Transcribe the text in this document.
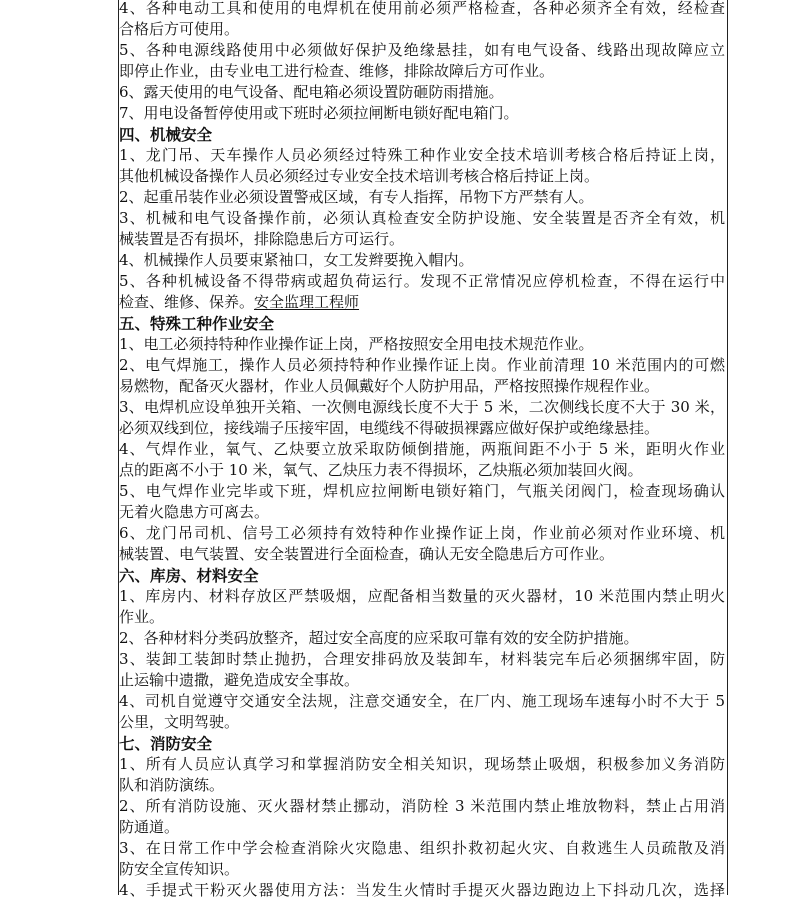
4、各种电动工具和使用的电焊机在使用前必须严格检查，各种必须齐全有效，经检查
合格后方可使用。
5、各种电源线路使用中必须做好保护及绝缘悬挂，如有电气设备、线路出现故障应立
即停止作业，由专业电工进行检查、维修，排除故障后方可作业。
6、露天使用的电气设备、配电箱必须设置防砸防雨措施。
7、用电设备暂停使用或下班时必须拉闸断电锁好配电箱门。
四、机械安全
1、龙门吊、天车操作人员必须经过特殊工种作业安全技术培训考核合格后持证上岗，
其他机械设备操作人员必须经过专业安全技术培训考核合格后持证上岗。
2、起重吊装作业必须设置警戒区域，有专人指挥，吊物下方严禁有人。
3、机械和电气设备操作前，必须认真检查安全防护设施、安全装置是否齐全有效，机
械装置是否有损坏，排除隐患后方可运行。
4、机械操作人员要束紧袖口，女工发辫要挽入帽内。
5、各种机械设备不得带病或超负荷运行。发现不正常情况应停机检查，不得在运行中
检查、维修、保养。安全监理工程师
五、特殊工种作业安全
1、电工必须持特种作业操作证上岗，严格按照安全用电技术规范作业。
2、电气焊施工，操作人员必须持特种作业操作证上岗。作业前清理 10 米范围内的可燃
易燃物，配备灭火器材，作业人员佩戴好个人防护用品，严格按照操作规程作业。
3、电焊机应设单独开关箱、一次侧电源线长度不大于 5 米，二次侧线长度不大于 30 米，
必须双线到位，接线端子压接牢固，电缆线不得破损裸露应做好保护或绝缘悬挂。
4、气焊作业，氧气、乙炔要立放采取防倾倒措施，两瓶间距不小于 5 米，距明火作业
点的距离不小于 10 米，氧气、乙炔压力表不得损坏，乙炔瓶必须加装回火阀。
5、电气焊作业完毕或下班，焊机应拉闸断电锁好箱门，气瓶关闭阀门，检查现场确认
无着火隐患方可离去。
6、龙门吊司机、信号工必须持有效特种作业操作证上岗，作业前必须对作业环境、机
械装置、电气装置、安全装置进行全面检查，确认无安全隐患后方可作业。
六、库房、材料安全
1、库房内、材料存放区严禁吸烟，应配备相当数量的灭火器材，10 米范围内禁止明火
作业。
2、各种材料分类码放整齐，超过安全高度的应采取可靠有效的安全防护措施。
3、装卸工装卸时禁止抛扔，合理安排码放及装卸车，材料装完车后必须捆绑牢固，防
止运输中遗撒，避免造成安全事故。
4、司机自觉遵守交通安全法规，注意交通安全，在厂内、施工现场车速每小时不大于 5
公里，文明驾驶。
七、消防安全
1、所有人员应认真学习和掌握消防安全相关知识，现场禁止吸烟，积极参加义务消防
队和消防演练。
2、所有消防设施、灭火器材禁止挪动，消防栓 3 米范围内禁止堆放物料，禁止占用消
防通道。
3、在日常工作中学会检查消除火灾隐患、组织扑救初起火灾、自救逃生人员疏散及消
防安全宣传知识。
4、手提式干粉灭火器使用方法：当发生火情时手提灭火器边跑边上下抖动几次，选择
